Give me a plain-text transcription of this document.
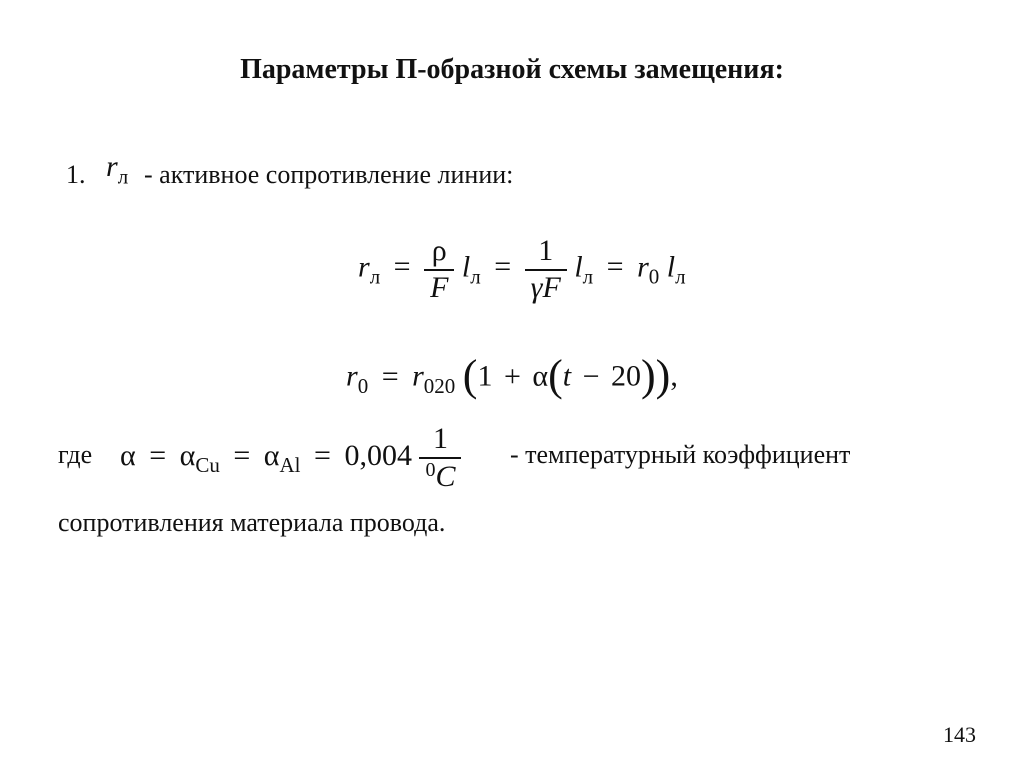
Параметры П-образной схемы замещения:
1. $r_л$ - активное сопротивление линии:
$r_л = \frac{\rho}{F} l_л = \frac{1}{\gamma F} l_л = r_0$ $l_л$
$r_0 = r_{020}$ (1 + α(t − 20)),
где $\alpha = \alpha_{Cu} = \alpha_{Al} = 0,004 \frac{1}{^0C}$ - температурный коэффициент
сопротивления материала провода.
143
